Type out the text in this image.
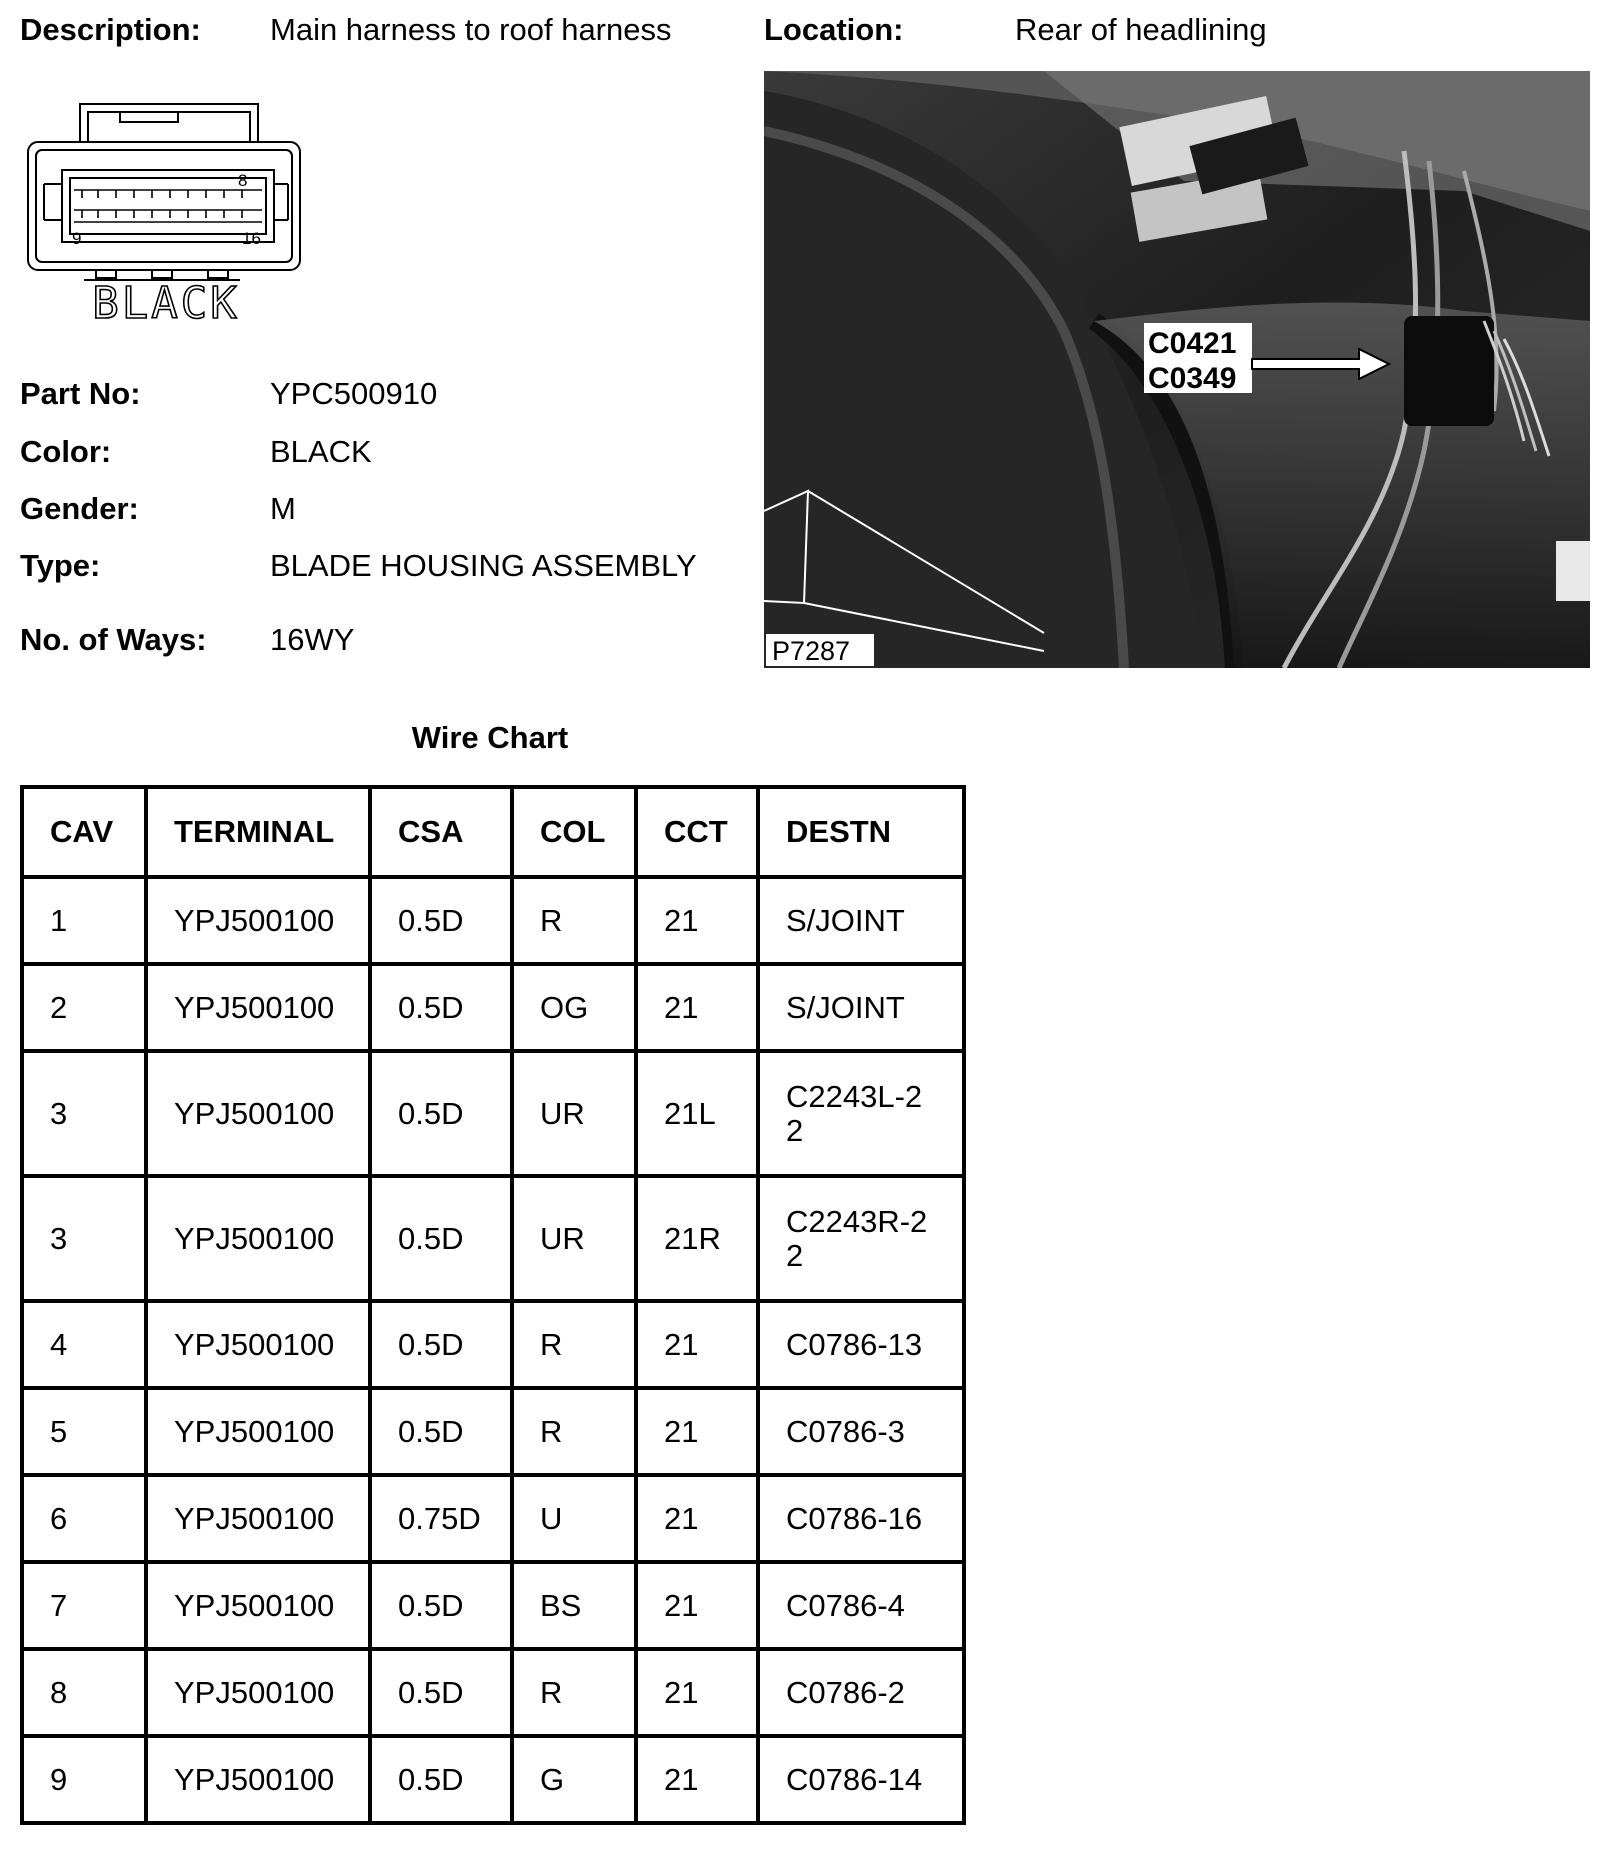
Description: Main harness to roof harness	Location:	Rear of headlining
8
9	16
BLACK
Part No:	YPC500910
Color:	BLACK
Gender:	M
Type:	BLADE HOUSING ASSEMBLY
No. of Ways: 16WY
C0421
C0349
P7287
Wire Chart
CAV	TERMINAL	CSA	COL	CCT	DESTN
1	YPJ500100	0.5D	R	21	S/JOINT
2	YPJ500100	0.5D	OG	21	S/JOINT
3	YPJ500100	0.5D	UR	21L	C2243L-22
3	YPJ500100	0.5D	UR	21R	C2243R-22
4	YPJ500100	0.5D	R	21	C0786-13
5	YPJ500100	0.5D	R	21	C0786-3
6	YPJ500100	0.75D	U	21	C0786-16
7	YPJ500100	0.5D	BS	21	C0786-4
8	YPJ500100	0.5D	R	21	C0786-2
9	YPJ500100	0.5D	G	21	C0786-14
